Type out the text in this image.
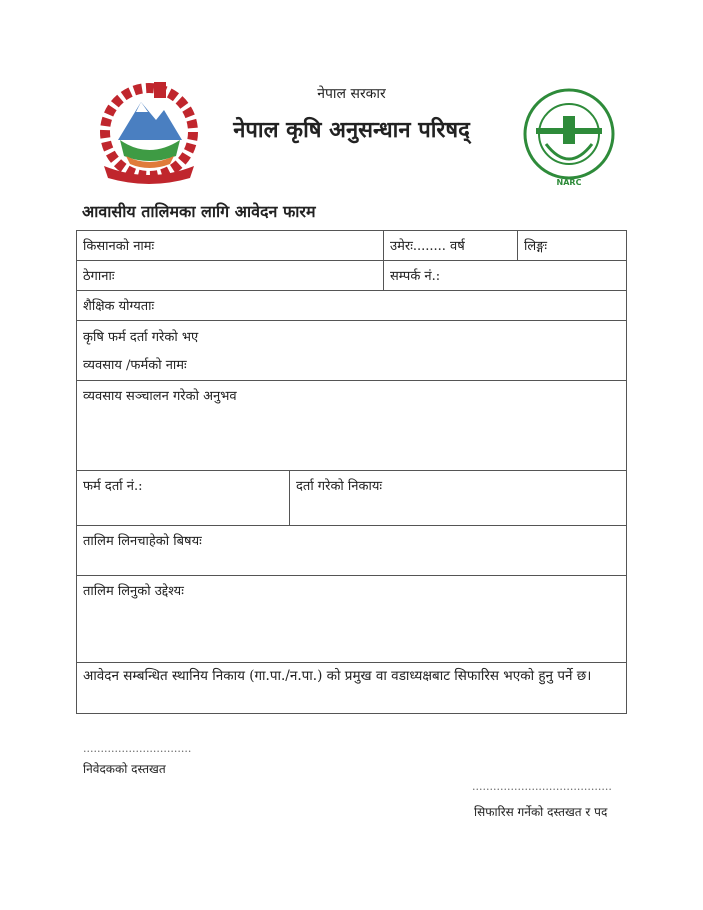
नेपाल सरकार
नेपाल कृषि अनुसन्धान परिषद्
NARC
आवासीय तालिमका लागि आवेदन फारम
किसानको नामः	उमेरः........ वर्ष	लिङ्गः
ठेगानाः	सम्पर्क नं.:
शैक्षिक योग्यताः
कृषि फर्म दर्ता गरेको भए
व्यवसाय /फर्मको नामः
व्यवसाय सञ्चालन गरेको अनुभव
फर्म दर्ता नं.:	दर्ता गरेको निकायः
तालिम लिनचाहेको बिषयः
तालिम लिनुको उद्देश्यः
आवेदन सम्बन्धित स्थानिय निकाय (गा.पा./न.पा.) को प्रमुख वा वडाध्यक्षबाट सिफारिस भएको हुनु पर्ने छ।
...............................
निवेदकको दस्तखत
........................................
सिफारिस गर्नेको दस्तखत र पद
